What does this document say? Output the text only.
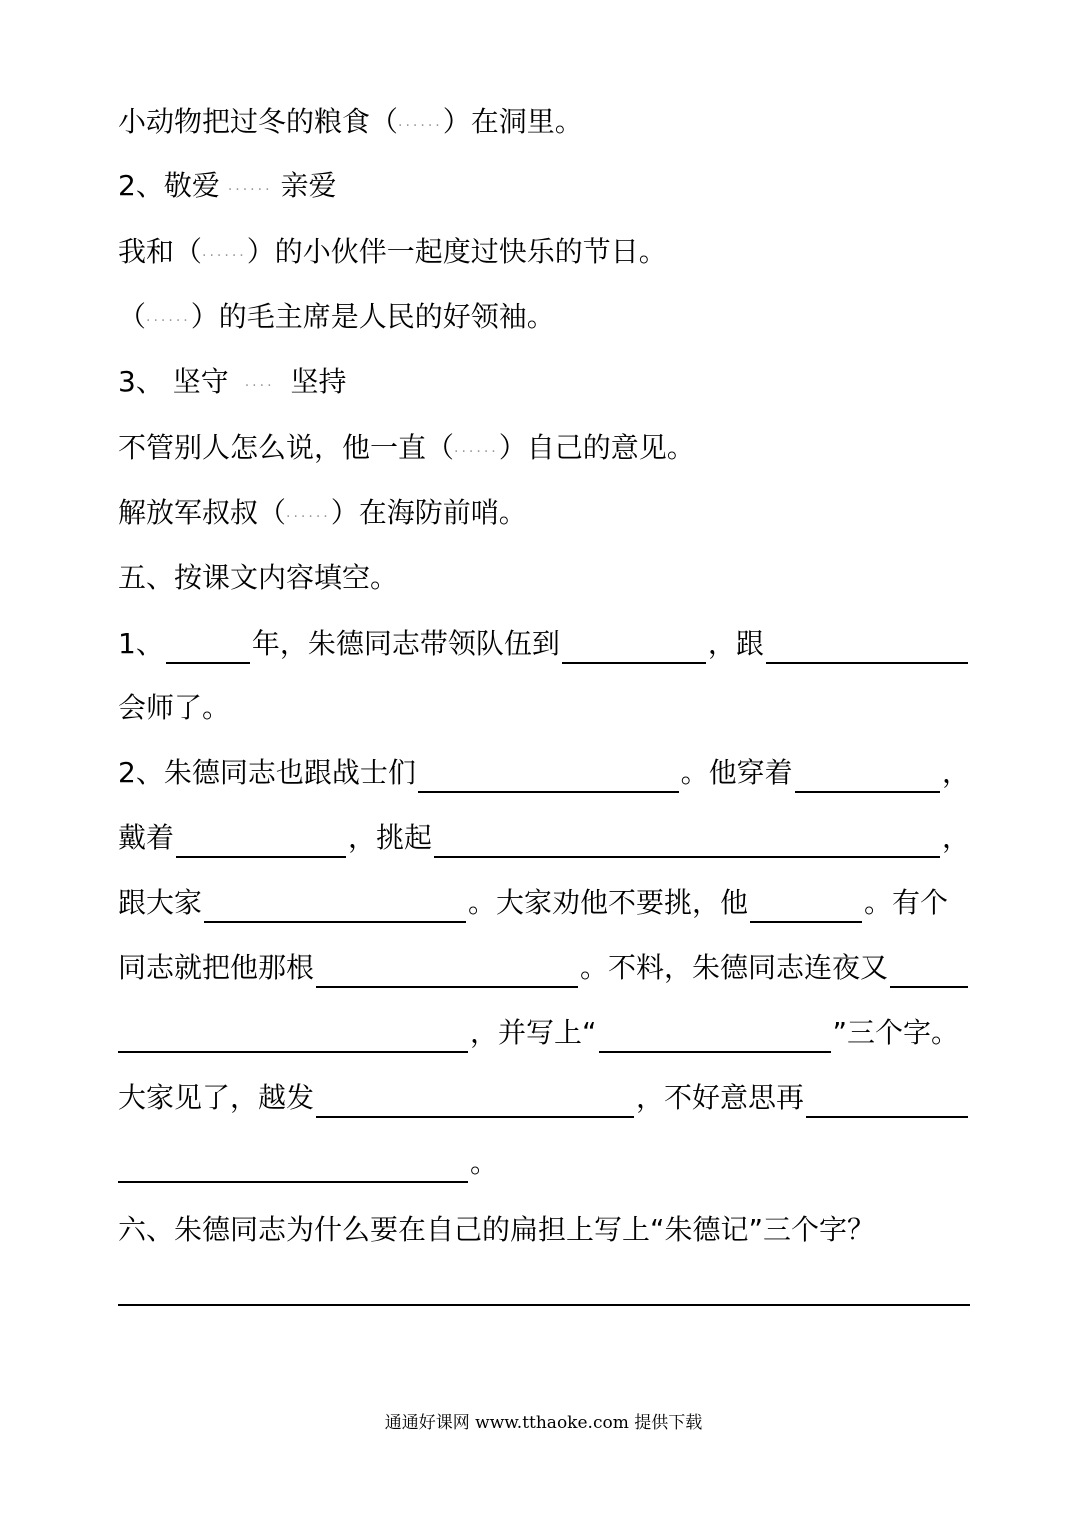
小动物把过冬的粮食（ ...... ）在洞里。
2、敬爱 ...... 亲爱
我和（ ...... ）的小伙伴一起度过快乐的节日。
（ ...... ）的毛主席是人民的好领袖。
3、 坚守 .... 坚持
不管别人怎么说，他一直（ ...... ）自己的意见。
解放军叔叔（ ...... ）在海防前哨。
五、按课文内容填空。
1、	年，朱德同志带领队伍到	，跟
会师了。
2、朱德同志也跟战士们	。他穿着	，
戴着	，挑起	，
跟大家	。大家劝他不要挑，他	。有个
同志就把他那根	。不料，朱德同志连夜又
，并写上“	”三个字。
大家见了，越发	，不好意思再
。
六、朱德同志为什么要在自己的扁担上写上“朱德记”三个字？
通通好课网 www.tthaoke.com 提供下载
